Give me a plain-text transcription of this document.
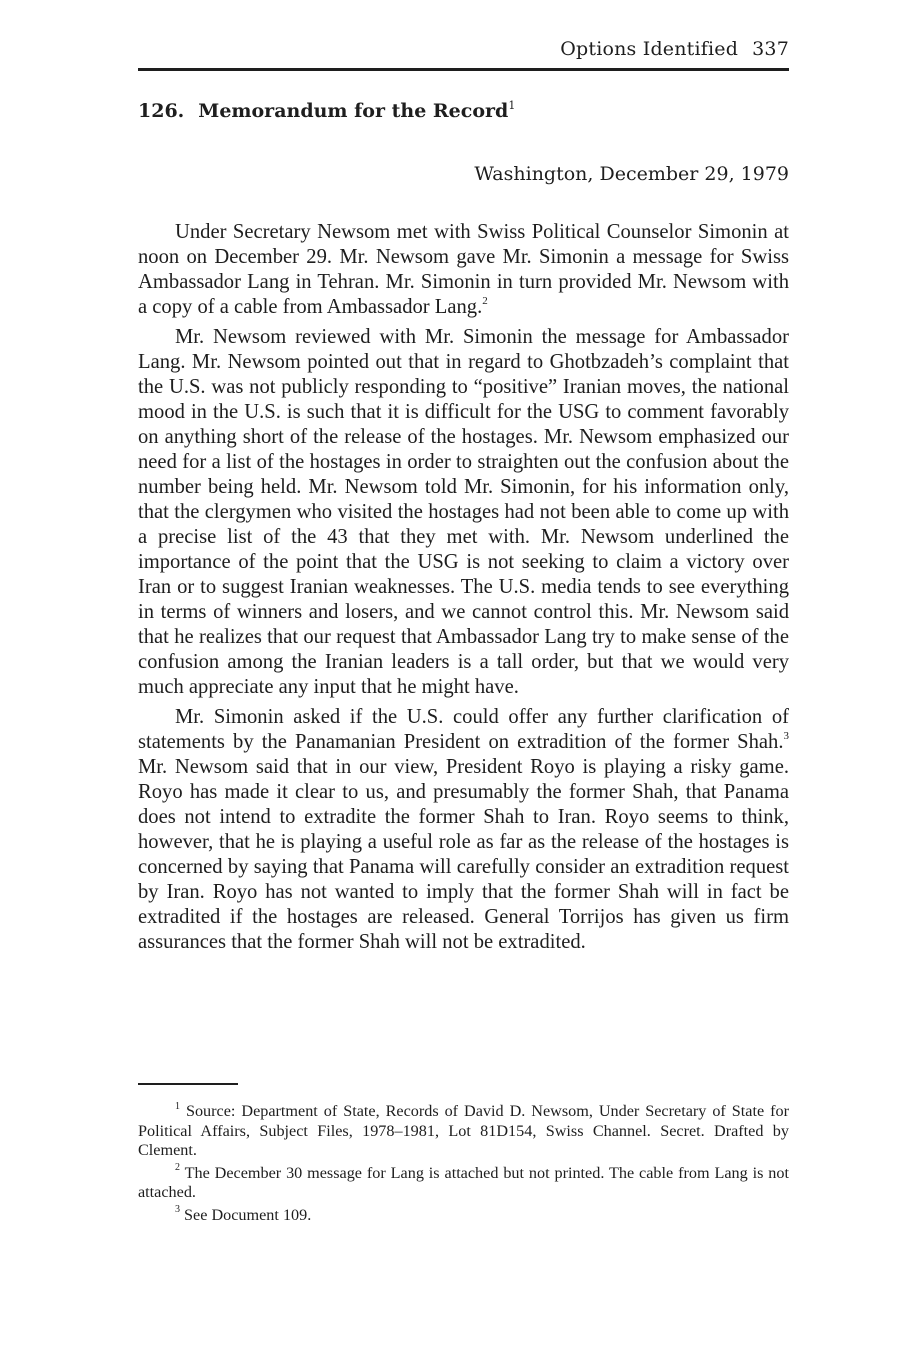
Options Identified 337
126. Memorandum for the Record$^1$
Washington, December 29, 1979

Under Secretary Newsom met with Swiss Political Counselor Simonin at noon on December 29. Mr. Newsom gave Mr. Simonin a message for Swiss Ambassador Lang in Tehran. Mr. Simonin in turn provided Mr. Newsom with a copy of a cable from Ambassador Lang.$^2$

Mr. Newsom reviewed with Mr. Simonin the message for Ambassador Lang. Mr. Newsom pointed out that in regard to Ghotbzadeh’s complaint that the U.S. was not publicly responding to “positive” Iranian moves, the national mood in the U.S. is such that it is difficult for the USG to comment favorably on anything short of the release of the hostages. Mr. Newsom emphasized our need for a list of the hostages in order to straighten out the confusion about the number being held. Mr. Newsom told Mr. Simonin, for his information only, that the clergymen who visited the hostages had not been able to come up with a precise list of the 43 that they met with. Mr. Newsom underlined the importance of the point that the USG is not seeking to claim a victory over Iran or to suggest Iranian weaknesses. The U.S. media tends to see everything in terms of winners and losers, and we cannot control this. Mr. Newsom said that he realizes that our request that Ambassador Lang try to make sense of the confusion among the Iranian leaders is a tall order, but that we would very much appreciate any input that he might have.

Mr. Simonin asked if the U.S. could offer any further clarification of statements by the Panamanian President on extradition of the former Shah.$^3$ Mr. Newsom said that in our view, President Royo is playing a risky game. Royo has made it clear to us, and presumably the former Shah, that Panama does not intend to extradite the former Shah to Iran. Royo seems to think, however, that he is playing a useful role as far as the release of the hostages is concerned by saying that Panama will carefully consider an extradition request by Iran. Royo has not wanted to imply that the former Shah will in fact be extradited if the hostages are released. General Torrijos has given us firm assurances that the former Shah will not be extradited.

$^1$ Source: Department of State, Records of David D. Newsom, Under Secretary of State for Political Affairs, Subject Files, 1978–1981, Lot 81D154, Swiss Channel. Secret. Drafted by Clement.

$^2$ The December 30 message for Lang is attached but not printed. The cable from Lang is not attached.

$^3$ See Document 109.
